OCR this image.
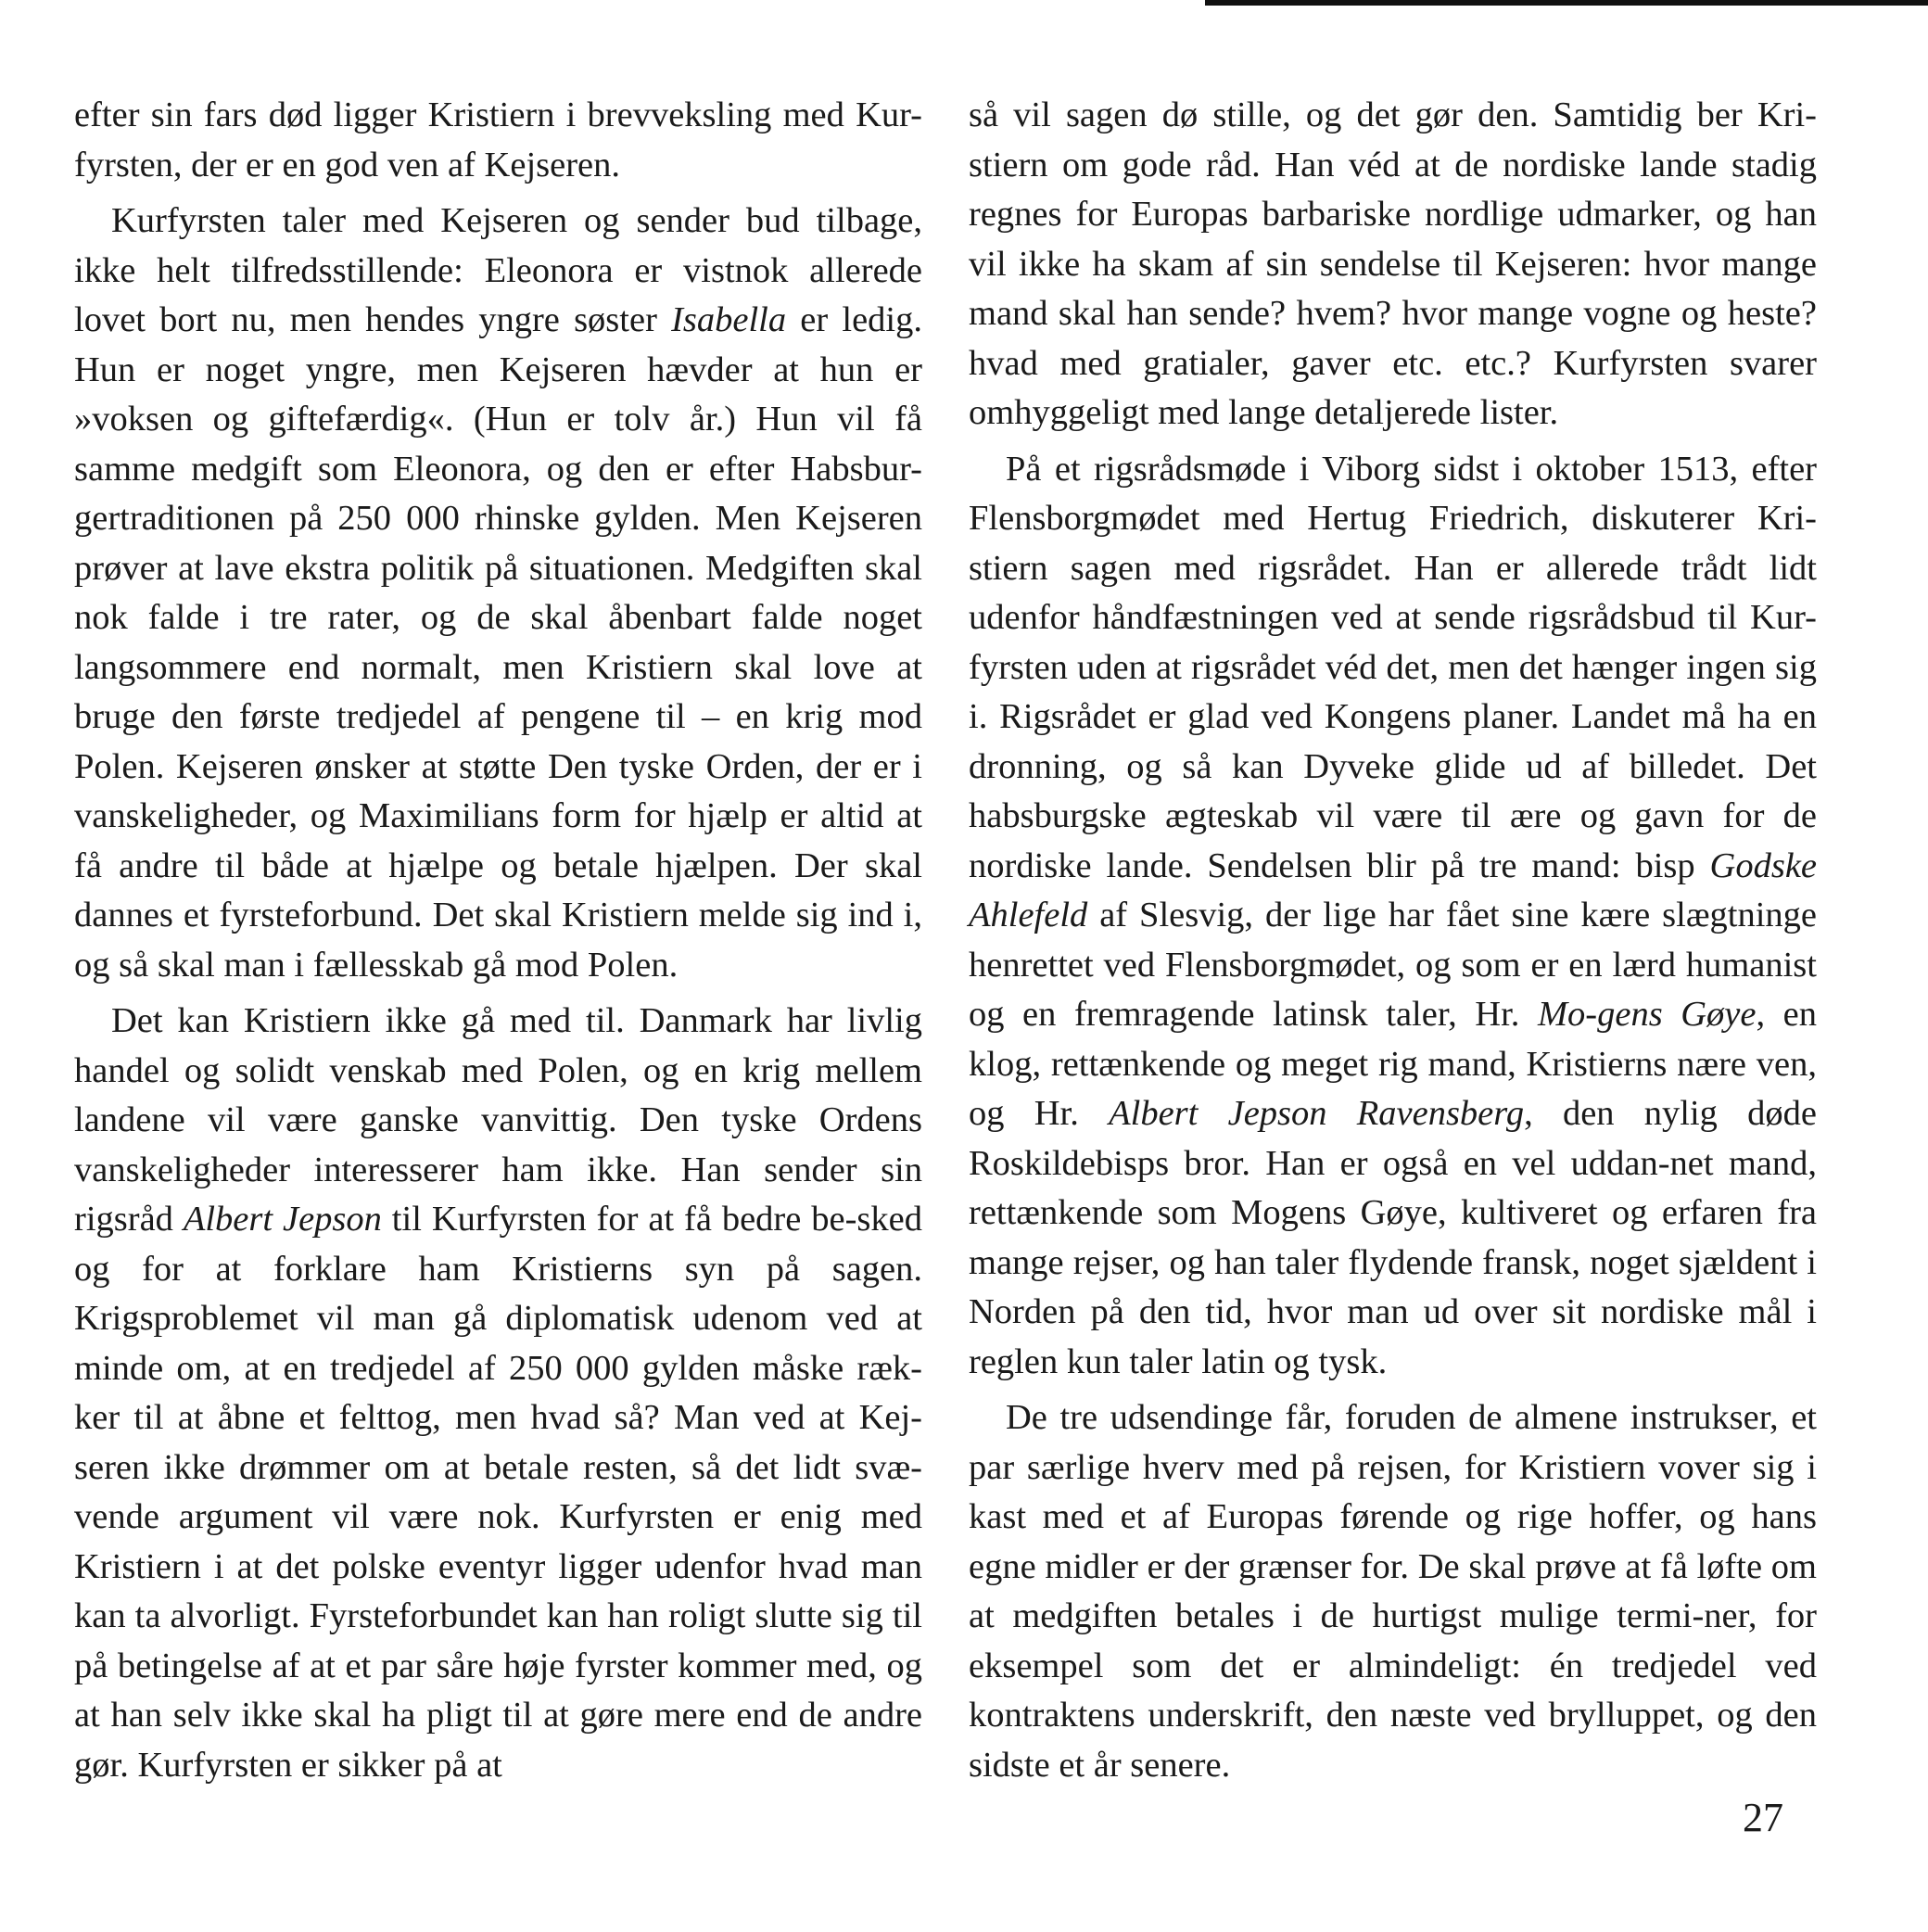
efter sin fars død ligger Kristiern i brevveksling med Kur-fyrsten, der er en god ven af Kejseren.

Kurfyrsten taler med Kejseren og sender bud tilbage, ikke helt tilfredsstillende: Eleonora er vistnok allerede lovet bort nu, men hendes yngre søster Isabella er ledig. Hun er noget yngre, men Kejseren hævder at hun er »voksen og giftefærdig«. (Hun er tolv år.) Hun vil få samme medgift som Eleonora, og den er efter Habsbur-gertraditionen på 250 000 rhinske gylden. Men Kejseren prøver at lave ekstra politik på situationen. Medgiften skal nok falde i tre rater, og de skal åbenbart falde noget langsommere end normalt, men Kristiern skal love at bruge den første tredjedel af pengene til – en krig mod Polen. Kejseren ønsker at støtte Den tyske Orden, der er i vanskeligheder, og Maximilians form for hjælp er altid at få andre til både at hjælpe og betale hjælpen. Der skal dannes et fyrsteforbund. Det skal Kristiern melde sig ind i, og så skal man i fællesskab gå mod Polen.

Det kan Kristiern ikke gå med til. Danmark har livlig handel og solidt venskab med Polen, og en krig mellem landene vil være ganske vanvittig. Den tyske Ordens vanskeligheder interesserer ham ikke. Han sender sin rigsråd Albert Jepson til Kurfyrsten for at få bedre be-sked og for at forklare ham Kristierns syn på sagen. Krigsproblemet vil man gå diplomatisk udenom ved at minde om, at en tredjedel af 250 000 gylden måske ræk-ker til at åbne et felttog, men hvad så? Man ved at Kej-seren ikke drømmer om at betale resten, så det lidt svæ-vende argument vil være nok. Kurfyrsten er enig med Kristiern i at det polske eventyr ligger udenfor hvad man kan ta alvorligt. Fyrsteforbundet kan han roligt slutte sig til på betingelse af at et par såre høje fyrster kommer med, og at han selv ikke skal ha pligt til at gøre mere end de andre gør. Kurfyrsten er sikker på at

så vil sagen dø stille, og det gør den. Samtidig ber Kri-stiern om gode råd. Han véd at de nordiske lande stadig regnes for Europas barbariske nordlige udmarker, og han vil ikke ha skam af sin sendelse til Kejseren: hvor mange mand skal han sende? hvem? hvor mange vogne og heste? hvad med gratialer, gaver etc. etc.? Kurfyrsten svarer omhyggeligt med lange detaljerede lister.

På et rigsrådsmøde i Viborg sidst i oktober 1513, efter Flensborgmødet med Hertug Friedrich, diskuterer Kri-stiern sagen med rigsrådet. Han er allerede trådt lidt udenfor håndfæstningen ved at sende rigsrådsbud til Kur-fyrsten uden at rigsrådet véd det, men det hænger ingen sig i. Rigsrådet er glad ved Kongens planer. Landet må ha en dronning, og så kan Dyveke glide ud af billedet. Det habsburgske ægteskab vil være til ære og gavn for de nordiske lande. Sendelsen blir på tre mand: bisp Godske Ahlefeld af Slesvig, der lige har fået sine kære slægtninge henrettet ved Flensborgmødet, og som er en lærd humanist og en fremragende latinsk taler, Hr. Mo-gens Gøye, en klog, rettænkende og meget rig mand, Kristierns nære ven, og Hr. Albert Jepson Ravensberg, den nylig døde Roskildebisps bror. Han er også en vel uddan-net mand, rettænkende som Mogens Gøye, kultiveret og erfaren fra mange rejser, og han taler flydende fransk, noget sjældent i Norden på den tid, hvor man ud over sit nordiske mål i reglen kun taler latin og tysk.

De tre udsendinge får, foruden de almene instrukser, et par særlige hverv med på rejsen, for Kristiern vover sig i kast med et af Europas førende og rige hoffer, og hans egne midler er der grænser for. De skal prøve at få løfte om at medgiften betales i de hurtigst mulige termi-ner, for eksempel som det er almindeligt: én tredjedel ved kontraktens underskrift, den næste ved brylluppet, og den sidste et år senere.

27
